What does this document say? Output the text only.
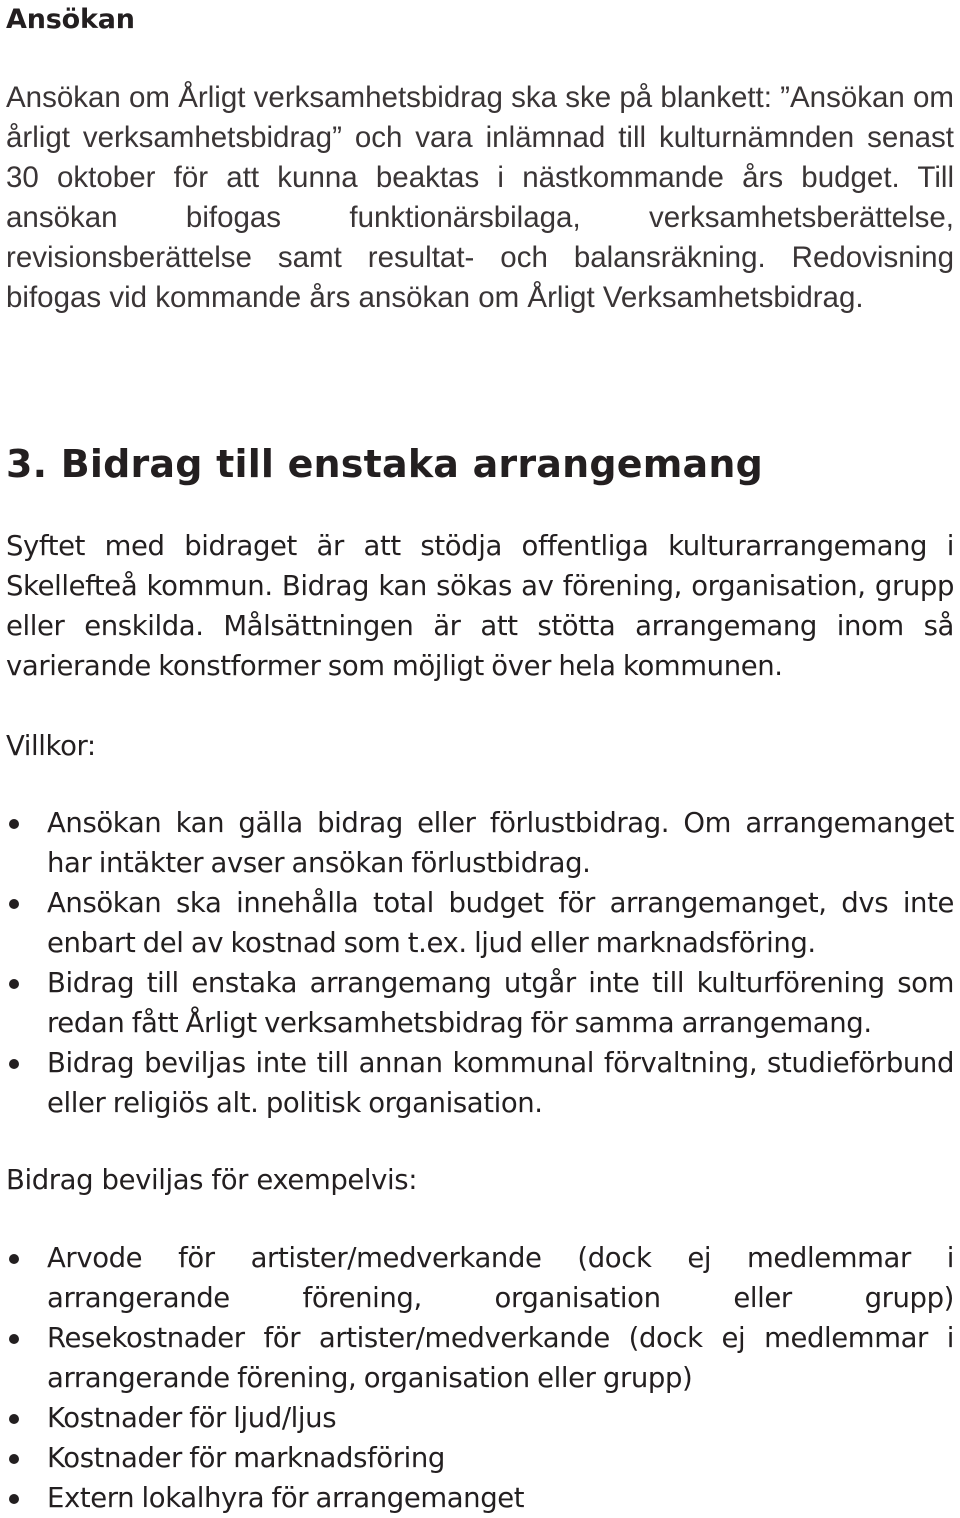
Ansökan

Ansökan om Årligt verksamhetsbidrag ska ske på blankett: ”Ansökan om årligt verksamhetsbidrag” och vara inlämnad till kulturnämnden senast 30 oktober för att kunna beaktas i nästkommande års budget. Till ansökan bifogas funktionärsbilaga, verksamhetsberättelse, revisionsberättelse samt resultat- och balansräkning. Redovisning bifogas vid kommande års ansökan om Årligt Verksamhetsbidrag.

3. Bidrag till enstaka arrangemang

Syftet med bidraget är att stödja offentliga kulturarrangemang i Skellefteå kommun. Bidrag kan sökas av förening, organisation, grupp eller enskilda. Målsättningen är att stötta arrangemang inom så varierande konstformer som möjligt över hela kommunen.

Villkor:

Ansökan kan gälla bidrag eller förlustbidrag. Om arrangemanget har intäkter avser ansökan förlustbidrag.
Ansökan ska innehålla total budget för arrangemanget, dvs inte enbart del av kostnad som t.ex. ljud eller marknadsföring.
Bidrag till enstaka arrangemang utgår inte till kulturförening som redan fått Årligt verksamhetsbidrag för samma arrangemang.
Bidrag beviljas inte till annan kommunal förvaltning, studieförbund eller religiös alt. politisk organisation.

Bidrag beviljas för exempelvis:

Arvode för artister/medverkande (dock ej medlemmar i arrangerande förening, organisation eller grupp)
Resekostnader för artister/medverkande (dock ej medlemmar i arrangerande förening, organisation eller grupp)
Kostnader för ljud/ljus
Kostnader för marknadsföring
Extern lokalhyra för arrangemanget
